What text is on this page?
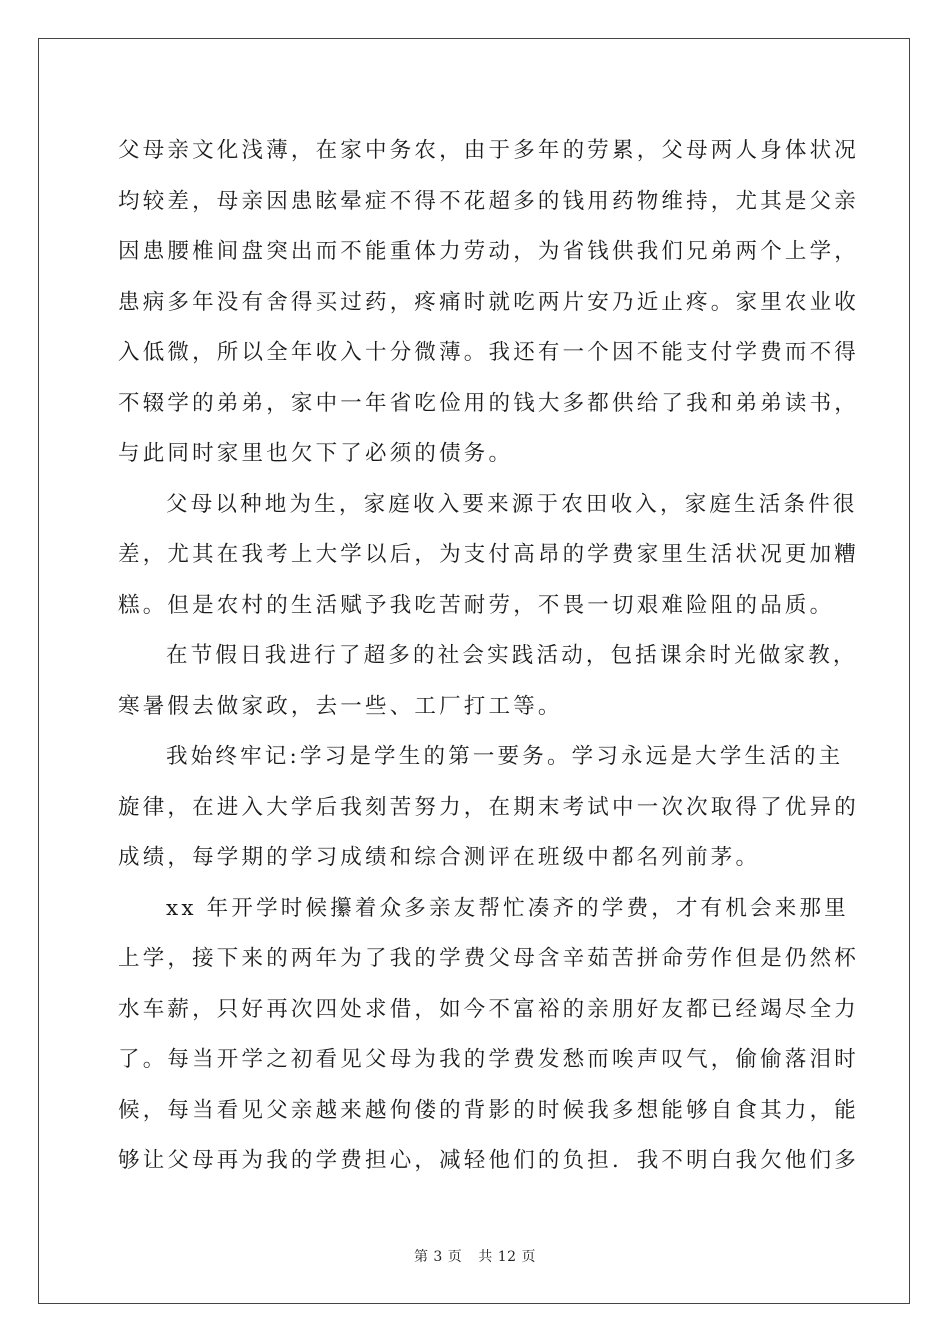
父母亲文化浅薄，在家中务农，由于多年的劳累，父母两人身体状况
均较差，母亲因患眩晕症不得不花超多的钱用药物维持，尤其是父亲
因患腰椎间盘突出而不能重体力劳动，为省钱供我们兄弟两个上学，
患病多年没有舍得买过药，疼痛时就吃两片安乃近止疼。家里农业收
入低微，所以全年收入十分微薄。我还有一个因不能支付学费而不得
不辍学的弟弟，家中一年省吃俭用的钱大多都供给了我和弟弟读书，
与此同时家里也欠下了必须的债务。

父母以种地为生，家庭收入要来源于农田收入，家庭生活条件很
差，尤其在我考上大学以后，为支付高昂的学费家里生活状况更加糟
糕。但是农村的生活赋予我吃苦耐劳，不畏一切艰难险阻的品质。

在节假日我进行了超多的社会实践活动，包括课余时光做家教，
寒暑假去做家政，去一些、工厂打工等。

我始终牢记:学习是学生的第一要务。学习永远是大学生活的主
旋律，在进入大学后我刻苦努力，在期末考试中一次次取得了优异的
成绩，每学期的学习成绩和综合测评在班级中都名列前茅。

xx 年开学时候攥着众多亲友帮忙凑齐的学费，才有机会来那里
上学，接下来的两年为了我的学费父母含辛茹苦拼命劳作但是仍然杯
水车薪，只好再次四处求借，如今不富裕的亲朋好友都已经竭尽全力
了。每当开学之初看见父母为我的学费发愁而唉声叹气，偷偷落泪时
候，每当看见父亲越来越佝偻的背影的时候我多想能够自食其力，能
够让父母再为我的学费担心，减轻他们的负担．我不明白我欠他们多

第 3 页 共 12 页
